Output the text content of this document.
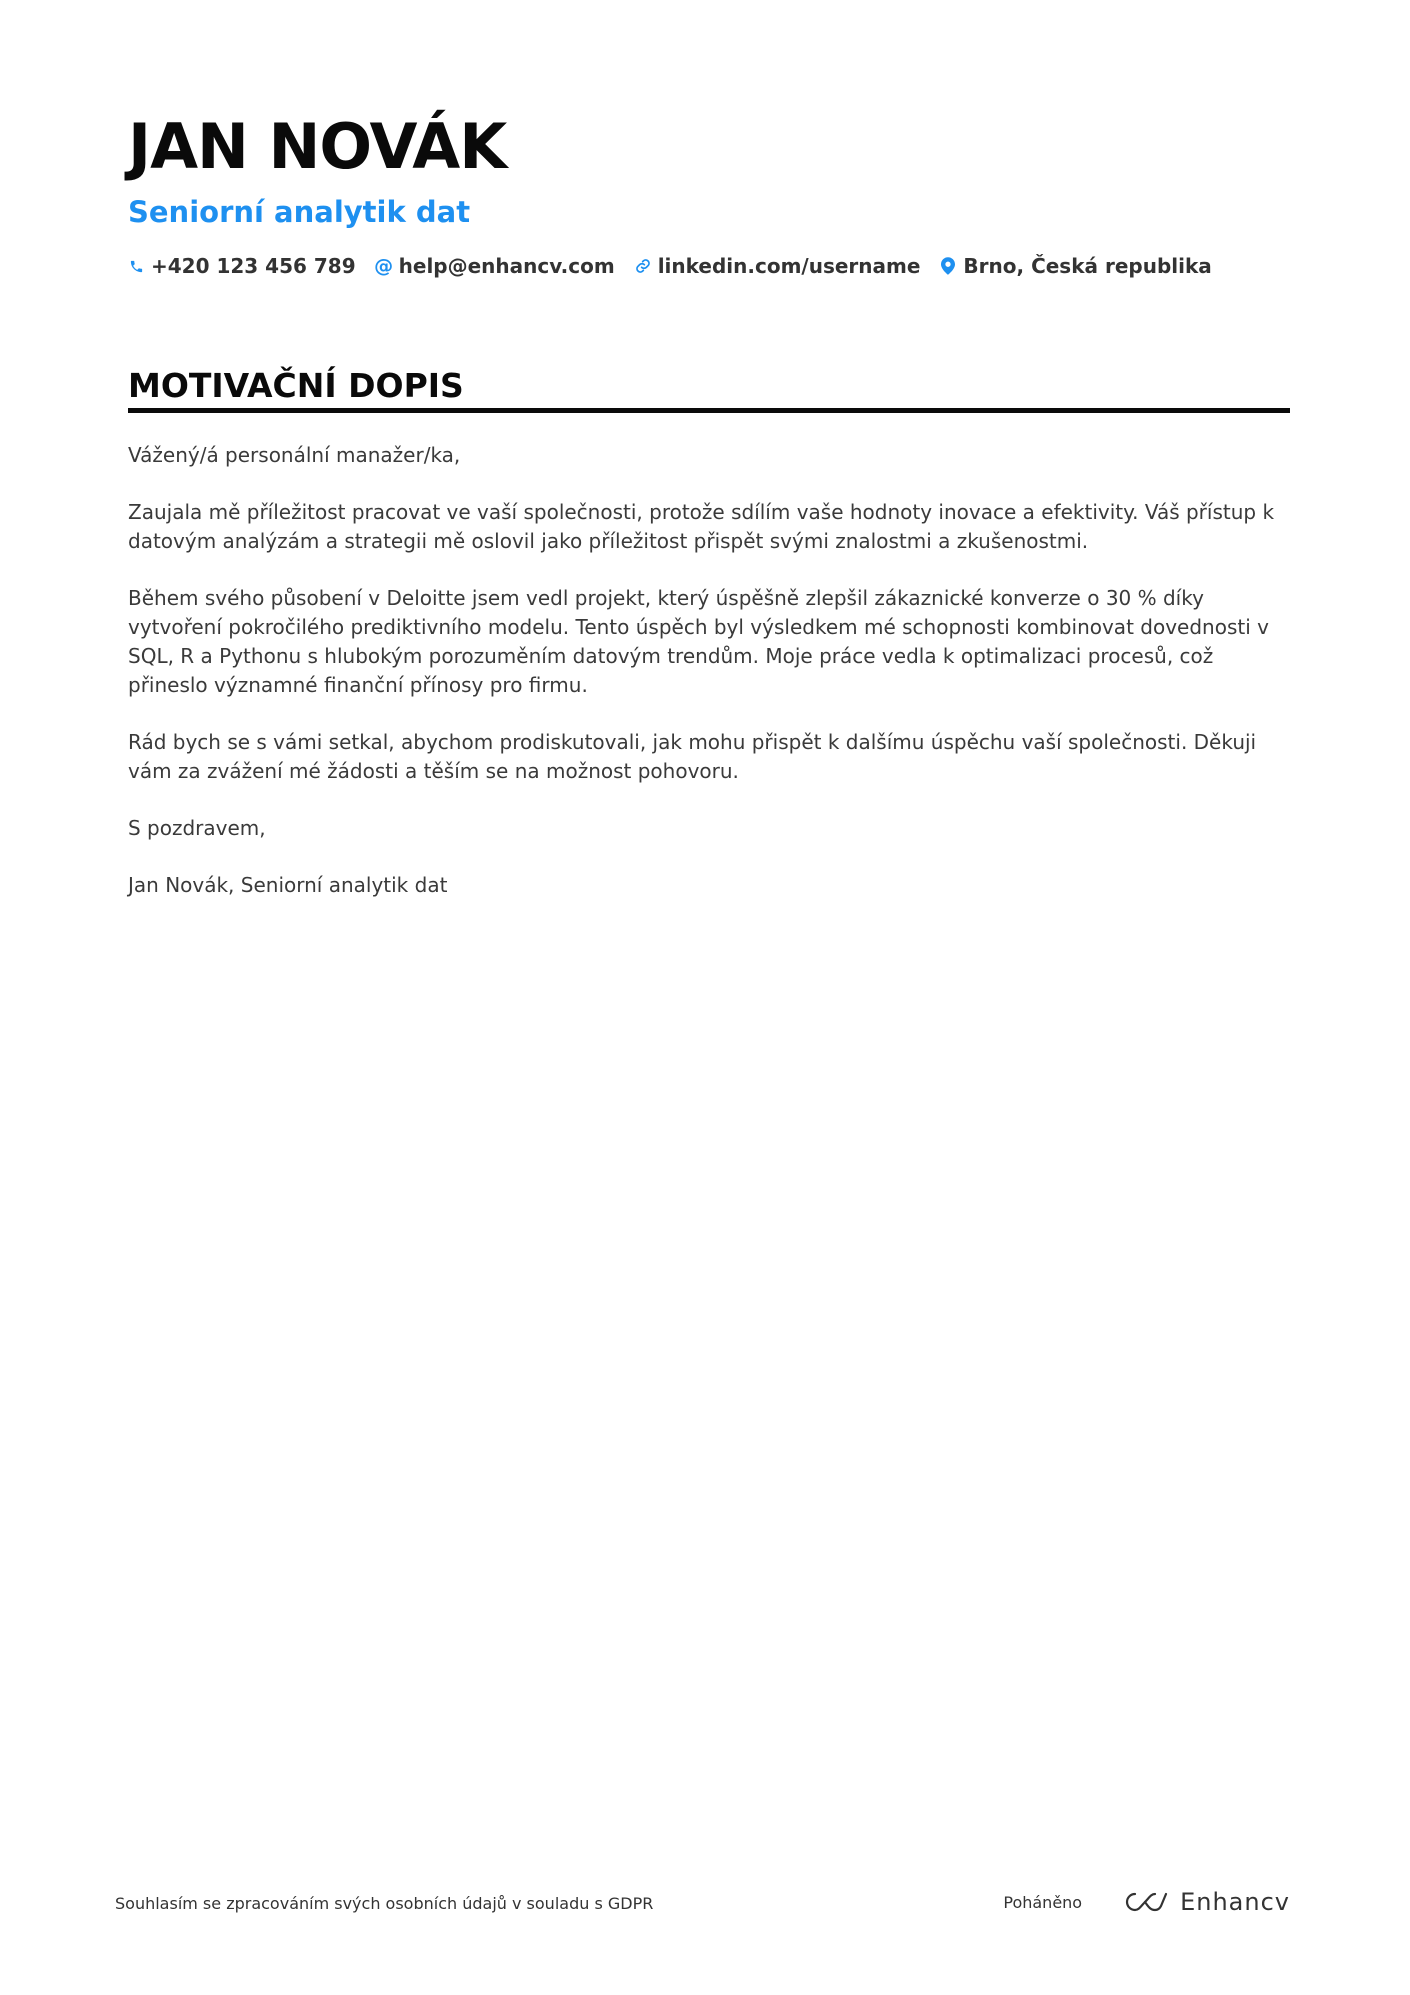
JAN NOVÁK
Seniorní analytik dat
+420 123 456 789 @ help@enhancv.com linkedin.com/username Brno, Česká republika
MOTIVAČNÍ DOPIS

Vážený/á personální manažer/ka,

Zaujala mě příležitost pracovat ve vaší společnosti, protože sdílím vaše hodnoty inovace a efektivity. Váš přístup k datovým analýzám a strategii mě oslovil jako příležitost přispět svými znalostmi a zkušenostmi.

Během svého působení v Deloitte jsem vedl projekt, který úspěšně zlepšil zákaznické konverze o 30 % díky vytvoření pokročilého prediktivního modelu. Tento úspěch byl výsledkem mé schopnosti kombinovat dovednosti v SQL, R a Pythonu s hlubokým porozuměním datovým trendům. Moje práce vedla k optimalizaci procesů, což přineslo významné finanční přínosy pro firmu.

Rád bych se s vámi setkal, abychom prodiskutovali, jak mohu přispět k dalšímu úspěchu vaší společnosti. Děkuji vám za zvážení mé žádosti a těším se na možnost pohovoru.

S pozdravem,

Jan Novák, Seniorní analytik dat

Souhlasím se zpracováním svých osobních údajů v souladu s GDPR	Poháněno	Enhancv
